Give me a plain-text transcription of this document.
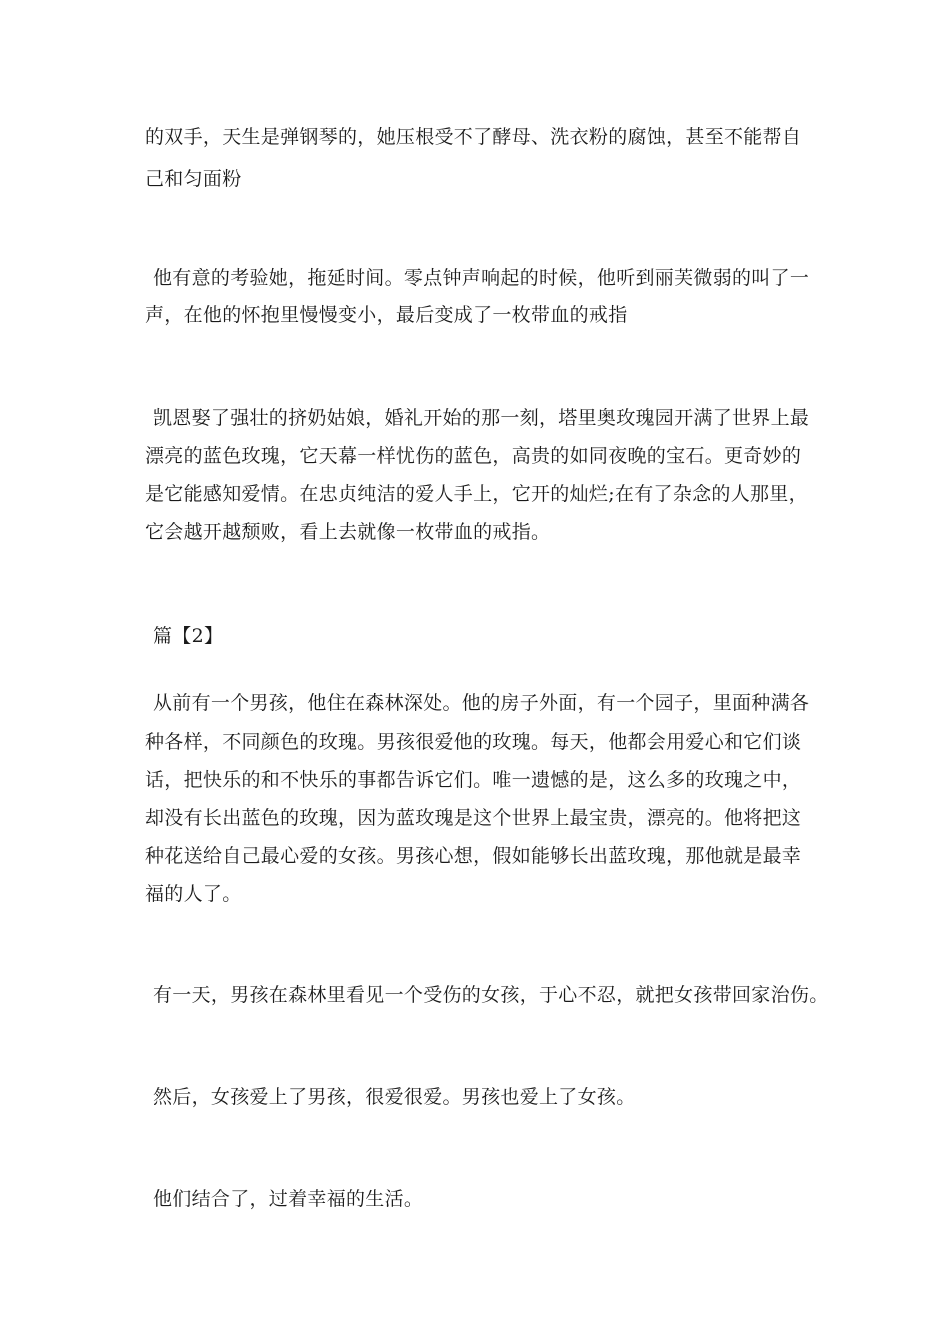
的双手，天生是弹钢琴的，她压根受不了酵母、洗衣粉的腐蚀，甚至不能帮自
己和匀面粉
他有意的考验她，拖延时间。零点钟声响起的时候，他听到丽芙微弱的叫了一
声，在他的怀抱里慢慢变小，最后变成了一枚带血的戒指
凯恩娶了强壮的挤奶姑娘，婚礼开始的那一刻，塔里奥玫瑰园开满了世界上最
漂亮的蓝色玫瑰，它天幕一样忧伤的蓝色，高贵的如同夜晚的宝石。更奇妙的
是它能感知爱情。在忠贞纯洁的爱人手上，它开的灿烂;在有了杂念的人那里，
它会越开越颓败，看上去就像一枚带血的戒指。
篇【2】
从前有一个男孩，他住在森林深处。他的房子外面，有一个园子，里面种满各
种各样，不同颜色的玫瑰。男孩很爱他的玫瑰。每天，他都会用爱心和它们谈
话，把快乐的和不快乐的事都告诉它们。唯一遗憾的是，这么多的玫瑰之中，
却没有长出蓝色的玫瑰，因为蓝玫瑰是这个世界上最宝贵，漂亮的。他将把这
种花送给自己最心爱的女孩。男孩心想，假如能够长出蓝玫瑰，那他就是最幸
福的人了。
有一天，男孩在森林里看见一个受伤的女孩，于心不忍，就把女孩带回家治伤。
然后，女孩爱上了男孩，很爱很爱。男孩也爱上了女孩。
他们结合了，过着幸福的生活。
